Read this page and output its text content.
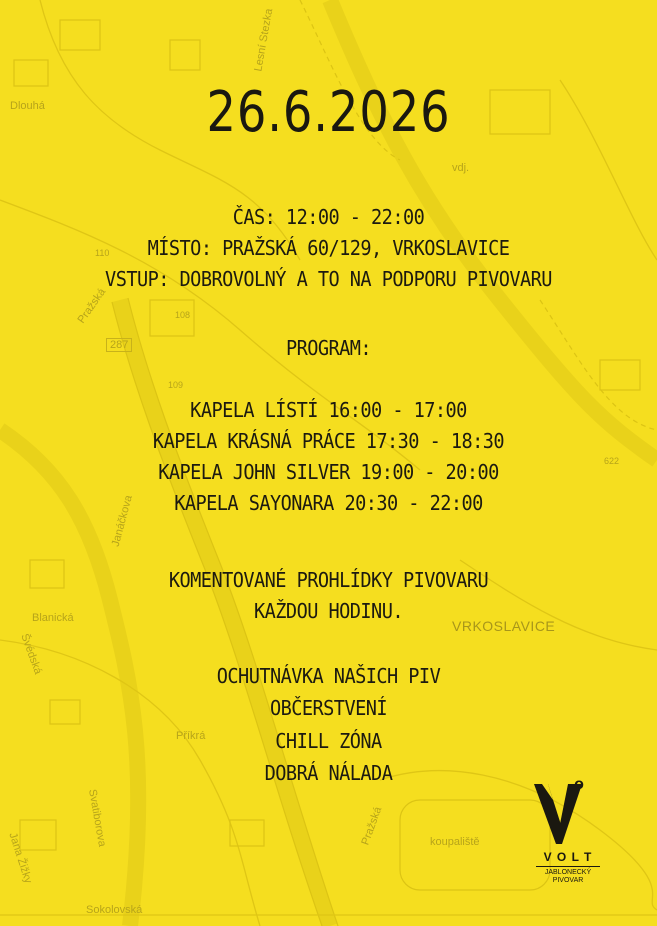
Dlouhá
Lesní Stezka
vdj.
Pražská
287
108
109
110
622
VRKOSLAVICE
Blanická
Švédská
Janáčkova
Příkrá
Svatiborova	koupaliště
Pražská
Sokolovská
Jana Žižky
26.6.2026
ČAS: 12:00 - 22:00
MÍSTO: PRAŽSKÁ 60/129, VRKOSLAVICE
VSTUP: DOBROVOLNÝ A TO NA PODPORU PIVOVARU
PROGRAM:
KAPELA LÍSTÍ 16:00 - 17:00
KAPELA KRÁSNÁ PRÁCE 17:30 - 18:30
KAPELA JOHN SILVER 19:00 - 20:00
KAPELA SAYONARA 20:30 - 22:00
KOMENTOVANÉ PROHLÍDKY PIVOVARU
KAŽDOU HODINU.
OCHUTNÁVKA NAŠICH PIV
OBČERSTVENÍ
CHILL ZÓNA
DOBRÁ NÁLADA	o
V O L T
JABLONECKÝ
PIVOVAR
